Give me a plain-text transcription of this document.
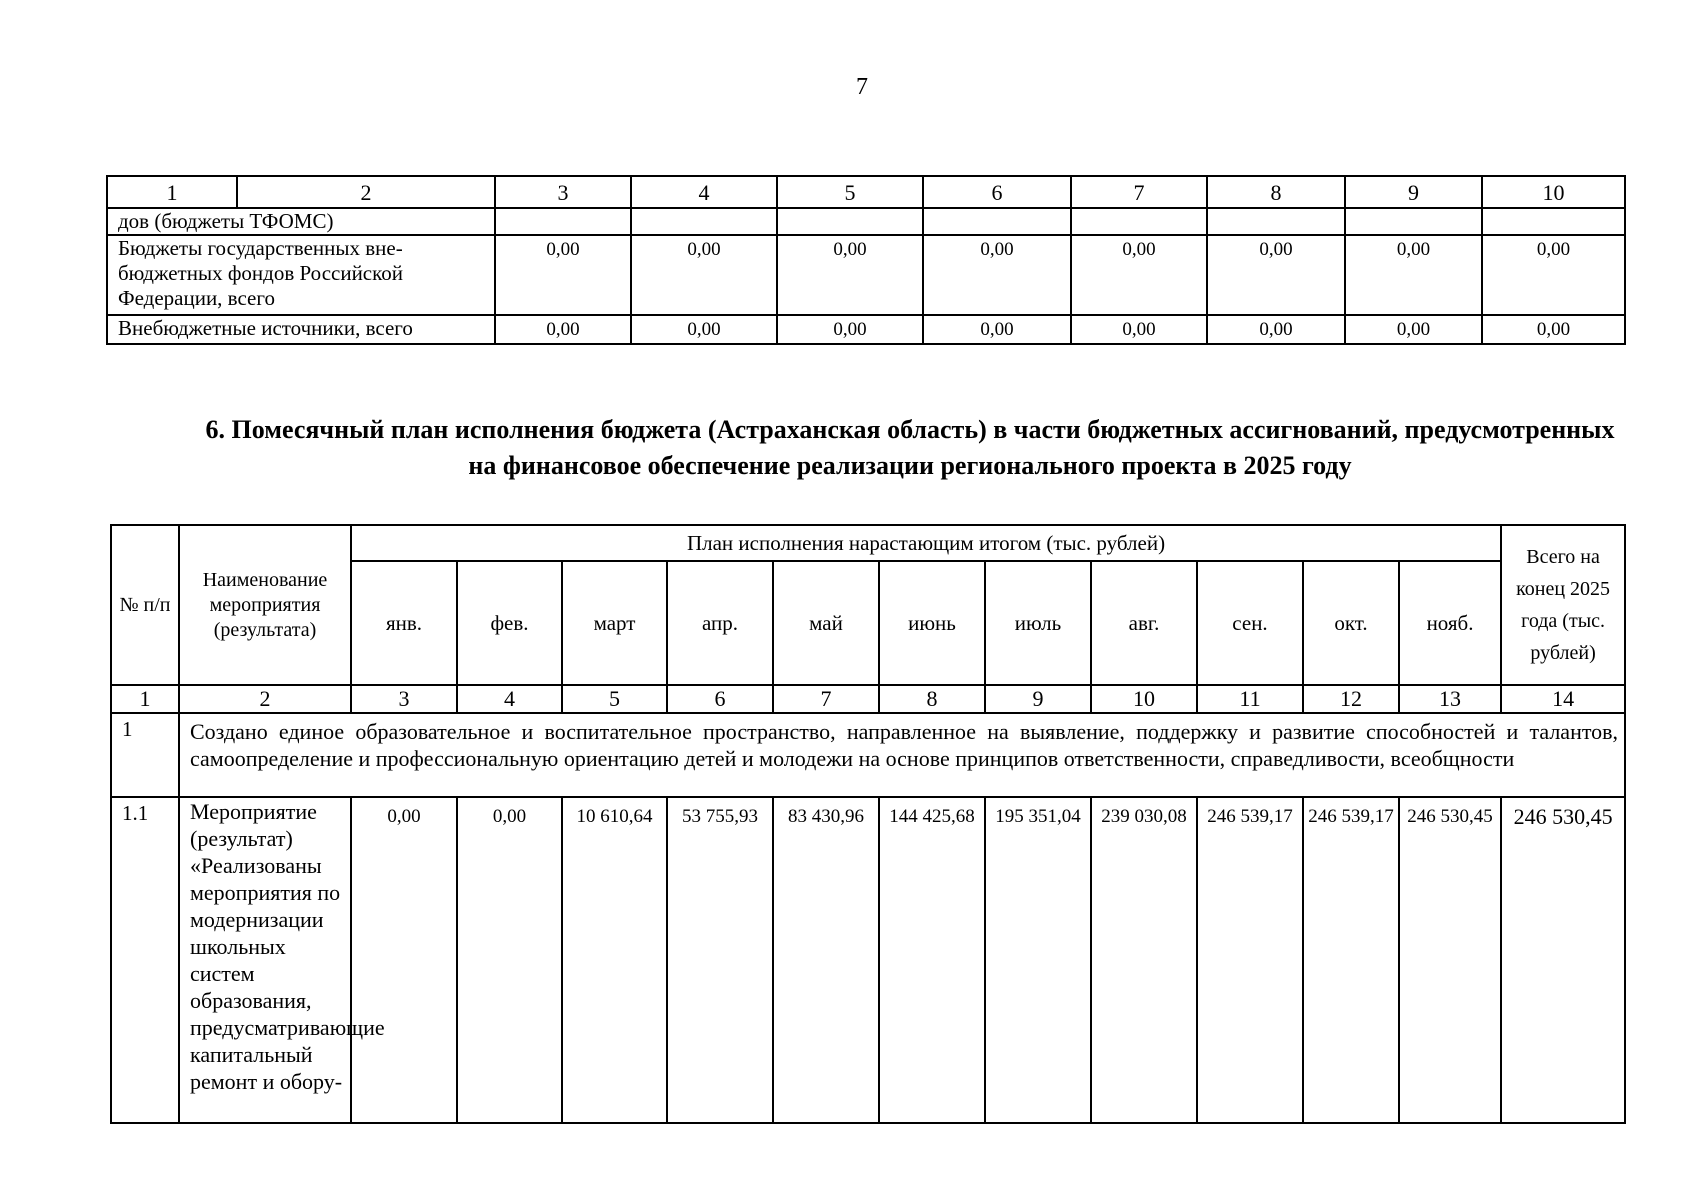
7
1	2	3	4	5	6	7	8	9	10
дов (бюджеты ТФОМС)									
Бюджеты государственных вне-бюджетных фондов Российской Федерации, всего		0,00	0,00	0,00	0,00	0,00	0,00	0,00	0,00
Внебюджетные источники, всего		0,00	0,00	0,00	0,00	0,00	0,00	0,00	0,00
6. Помесячный план исполнения бюджета (Астраханская область) в части бюджетных ассигнований, предусмотренных на финансовое обеспечение реализации регионального проекта в 2025 году
№ п/п	Наименование мероприятия (результата)	План исполнения нарастающим итогом (тыс. рублей)											Всего на конец 2025 года (тыс. рублей)
		янв.	фев.	март	апр.	май	июнь	июль	авг.	сен.	окт.	нояб.	
1	2	3	4	5	6	7	8	9	10	11	12	13	14
1	Создано единое образовательное и воспитательное пространство, направленное на выявление, поддержку и развитие способностей и талантов, самоопределение и профессиональную ориентацию детей и молодежи на основе принципов ответственности, справедливости, всеобщности												
1.1	Мероприятие (результат) «Реализованы мероприятия по модернизации школьных систем образования, предусматривающие капитальный ремонт и обору-	0,00	0,00	10 610,64	53 755,93	83 430,96	144 425,68	195 351,04	239 030,08	246 539,17	246 539,17	246 530,45	246 530,45
